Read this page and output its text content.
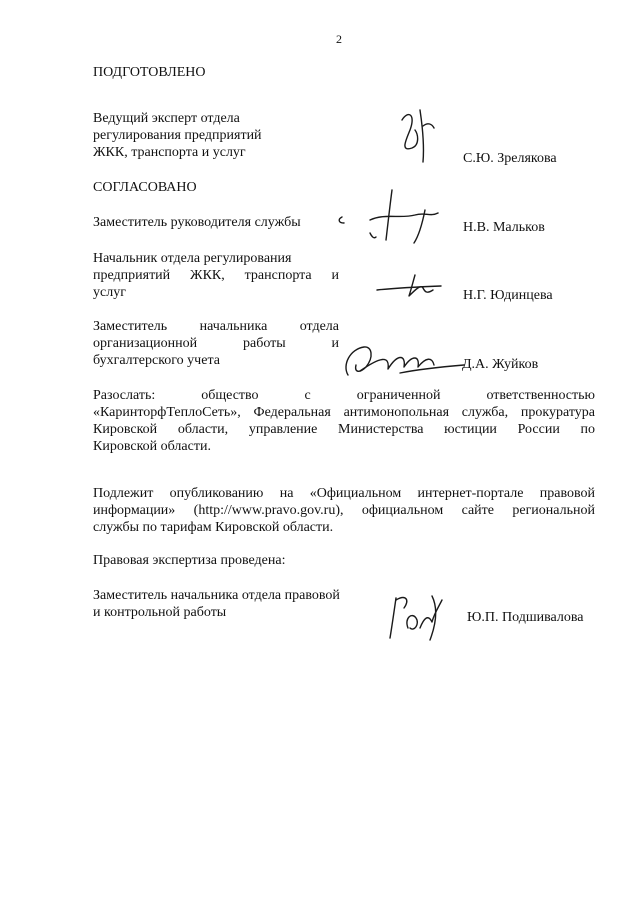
2
ПОДГОТОВЛЕНО
Ведущий эксперт отдела
регулирования предприятий
ЖКК, транспорта и услуг	С.Ю. Зрелякова
СОГЛАСОВАНО
Заместитель руководителя службы	Н.В. Мальков
Начальник отдела регулирования
предприятий ЖКК, транспорта и
услуг	Н.Г. Юдинцева
Заместитель начальника отдела
организационной работы и
бухгалтерского учета	Д.А. Жуйков
Разослать: общество с ограниченной ответственностью
«КаринторфТеплоСеть», Федеральная антимонопольная служба, прокуратура
Кировской области, управление Министерства юстиции России по
Кировской области.
Подлежит опубликованию на «Официальном интернет-портале правовой
информации» (http://www.pravo.gov.ru), официальном сайте региональной
службы по тарифам Кировской области.
Правовая экспертиза проведена:
Заместитель начальника отдела правовой
и контрольной работы	Ю.П. Подшивалова
